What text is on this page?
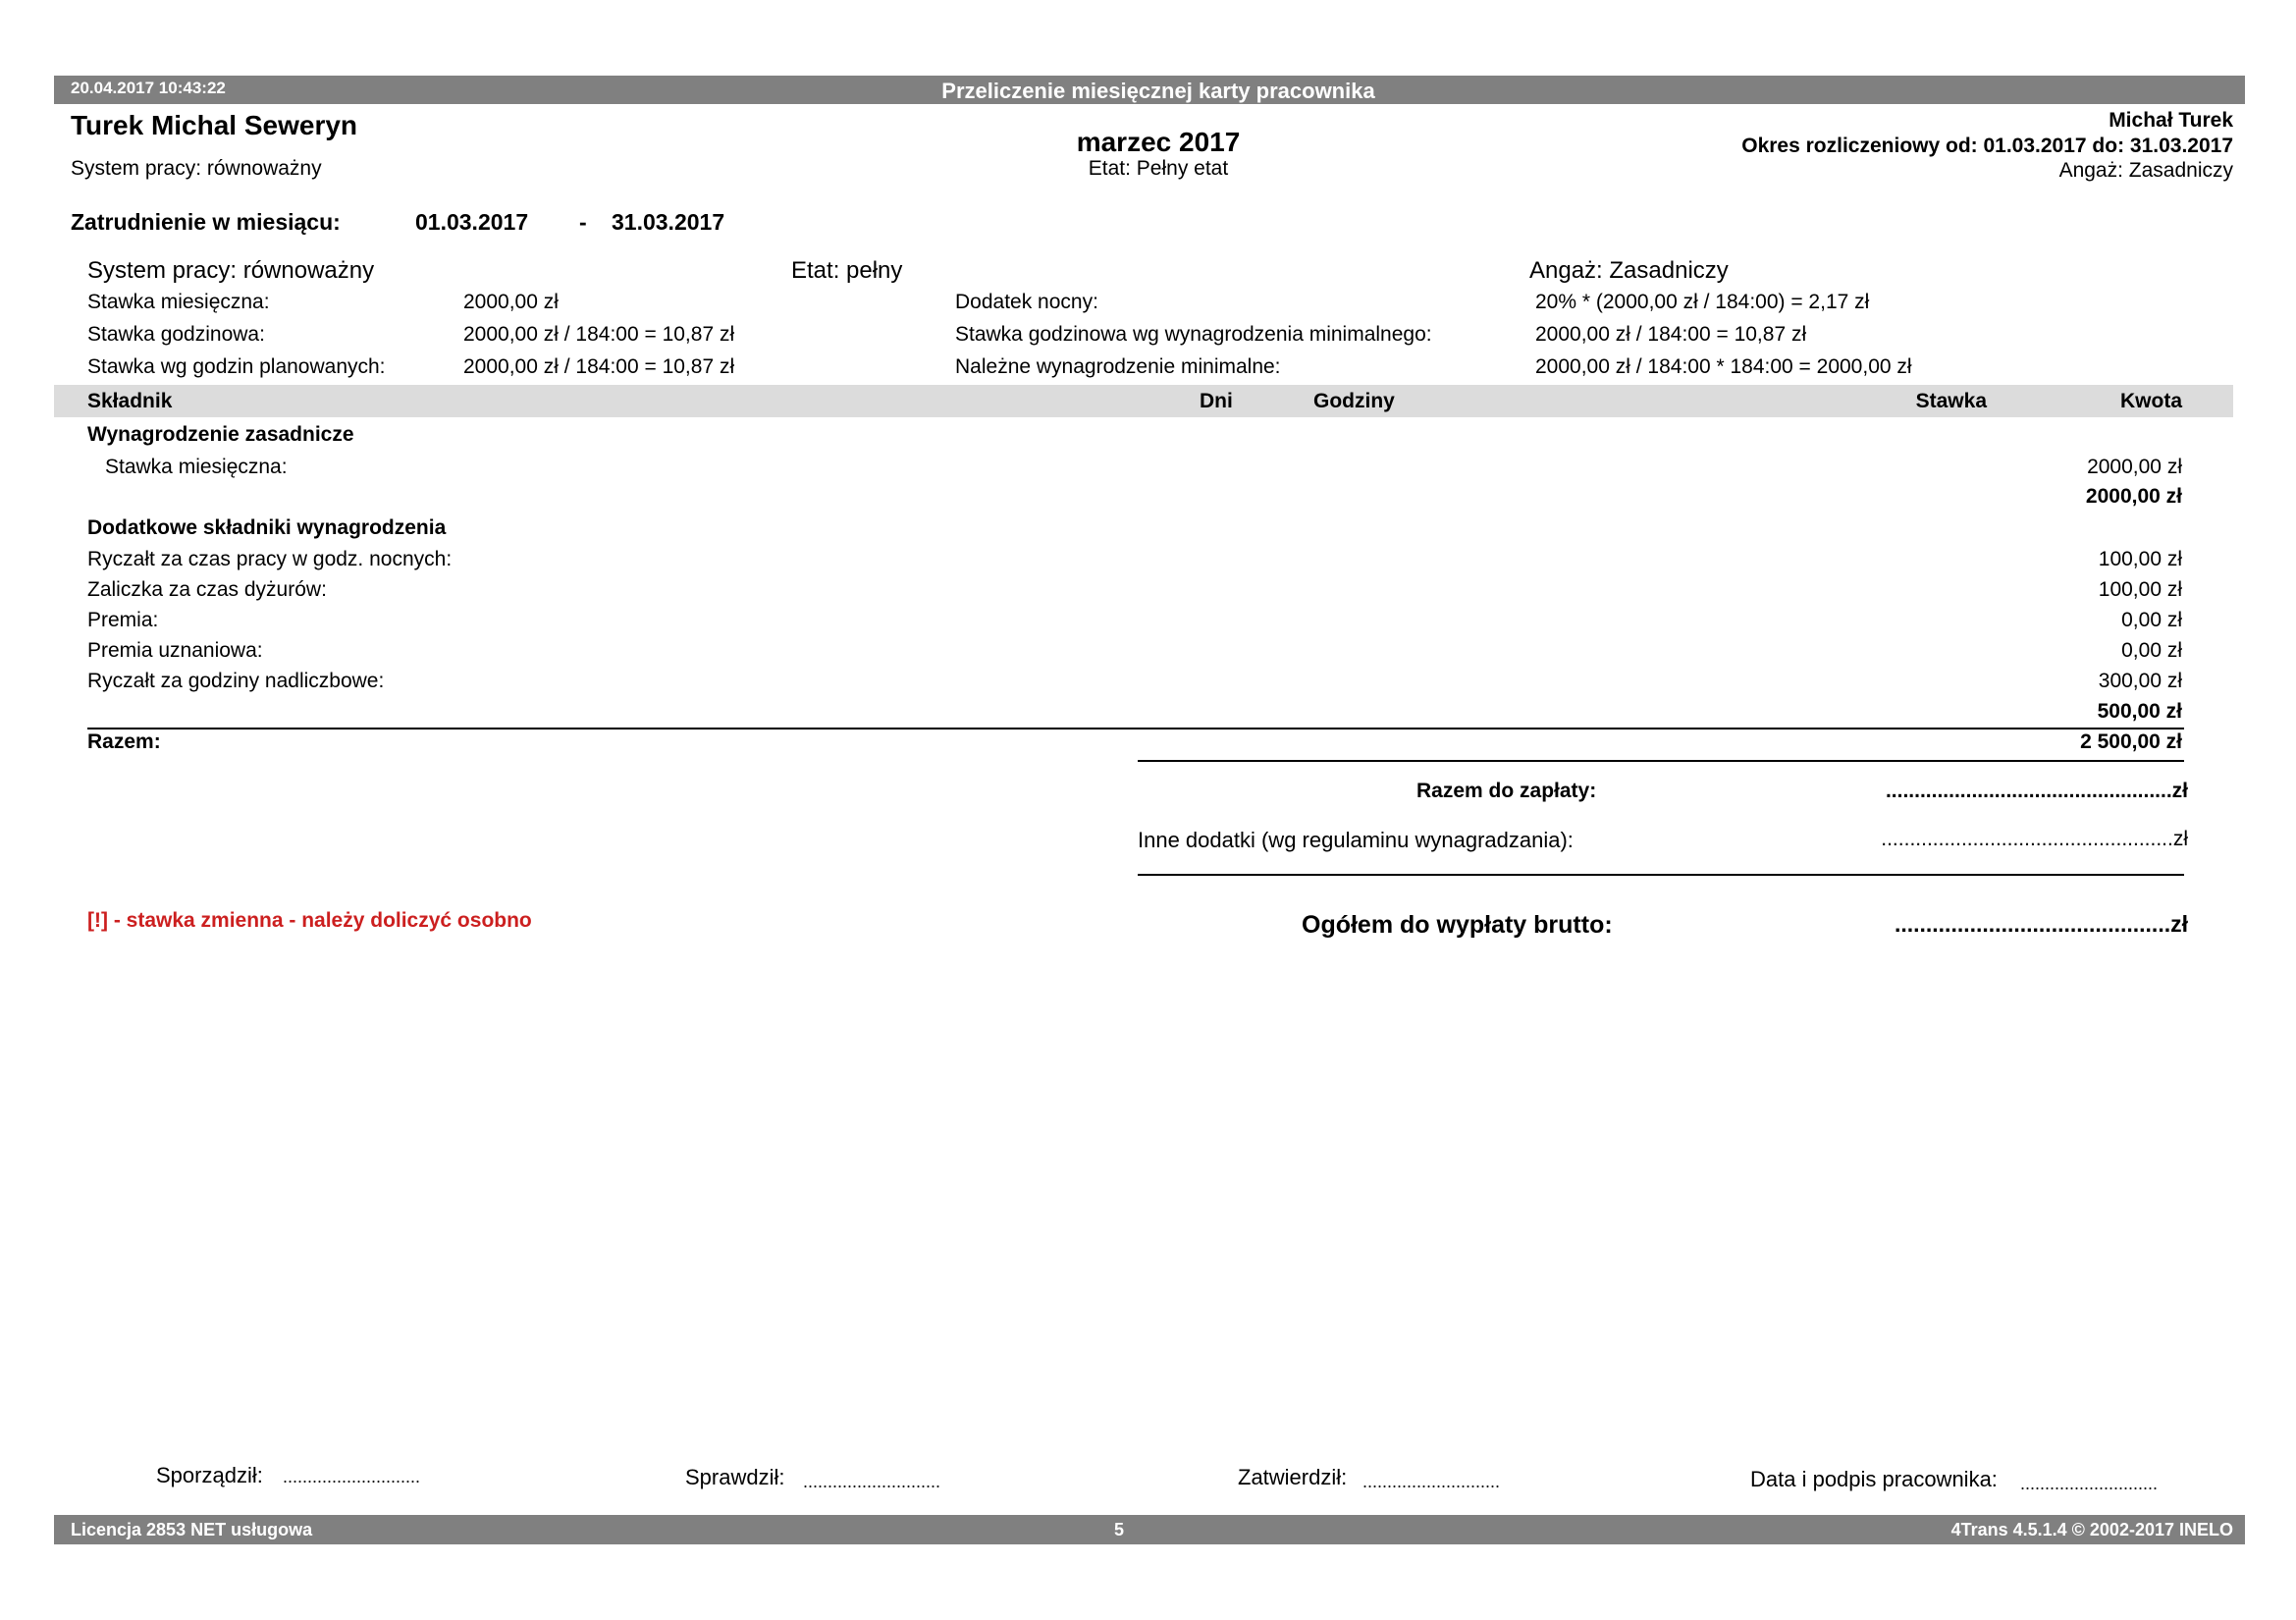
20.04.2017 10:43:22	Przeliczenie miesięcznej karty pracownika
Turek Michal Seweryn
System pracy: równoważny
marzec 2017
Etat: Pełny etat
Michał Turek
Okres rozliczeniowy od: 01.03.2017 do: 31.03.2017
Angaż: Zasadniczy
Zatrudnienie w miesiącu:	01.03.2017 - 31.03.2017
System pracy: równoważny	Etat: pełny	Angaż: Zasadniczy
Stawka miesięczna:	2000,00 zł	Dodatek nocny:	20% * (2000,00 zł / 184:00) = 2,17 zł
Stawka godzinowa:	2000,00 zł / 184:00 = 10,87 zł	Stawka godzinowa wg wynagrodzenia minimalnego:	2000,00 zł / 184:00 = 10,87 zł
Stawka wg godzin planowanych:	2000,00 zł / 184:00 = 10,87 zł	Należne wynagrodzenie minimalne:	2000,00 zł / 184:00 * 184:00 = 2000,00 zł
Składnik	Dni	Godziny	Stawka	Kwota
Wynagrodzenie zasadnicze
Stawka miesięczna:	2000,00 zł
2000,00 zł
Dodatkowe składniki wynagrodzenia
Ryczałt za czas pracy w godz. nocnych:	100,00 zł
Zaliczka za czas dyżurów:	100,00 zł
Premia:	0,00 zł
Premia uznaniowa:	0,00 zł
Ryczałt za godziny nadliczbowe:	300,00 zł
500,00 zł
Razem:	2 500,00 zł
Razem do zapłaty:	..................................................zł
Inne dodatki (wg regulaminu wynagradzania):	...................................................zł
Ogółem do wypłaty brutto:	............................................zł
[!] - stawka zmienna - należy doliczyć osobno
Sporządził: ............................	Sprawdził: ............................	Zatwierdził: ............................	Data i podpis pracownika: ............................
Licencja 2853 NET usługowa	5	4Trans 4.5.1.4 © 2002-2017 INELO
